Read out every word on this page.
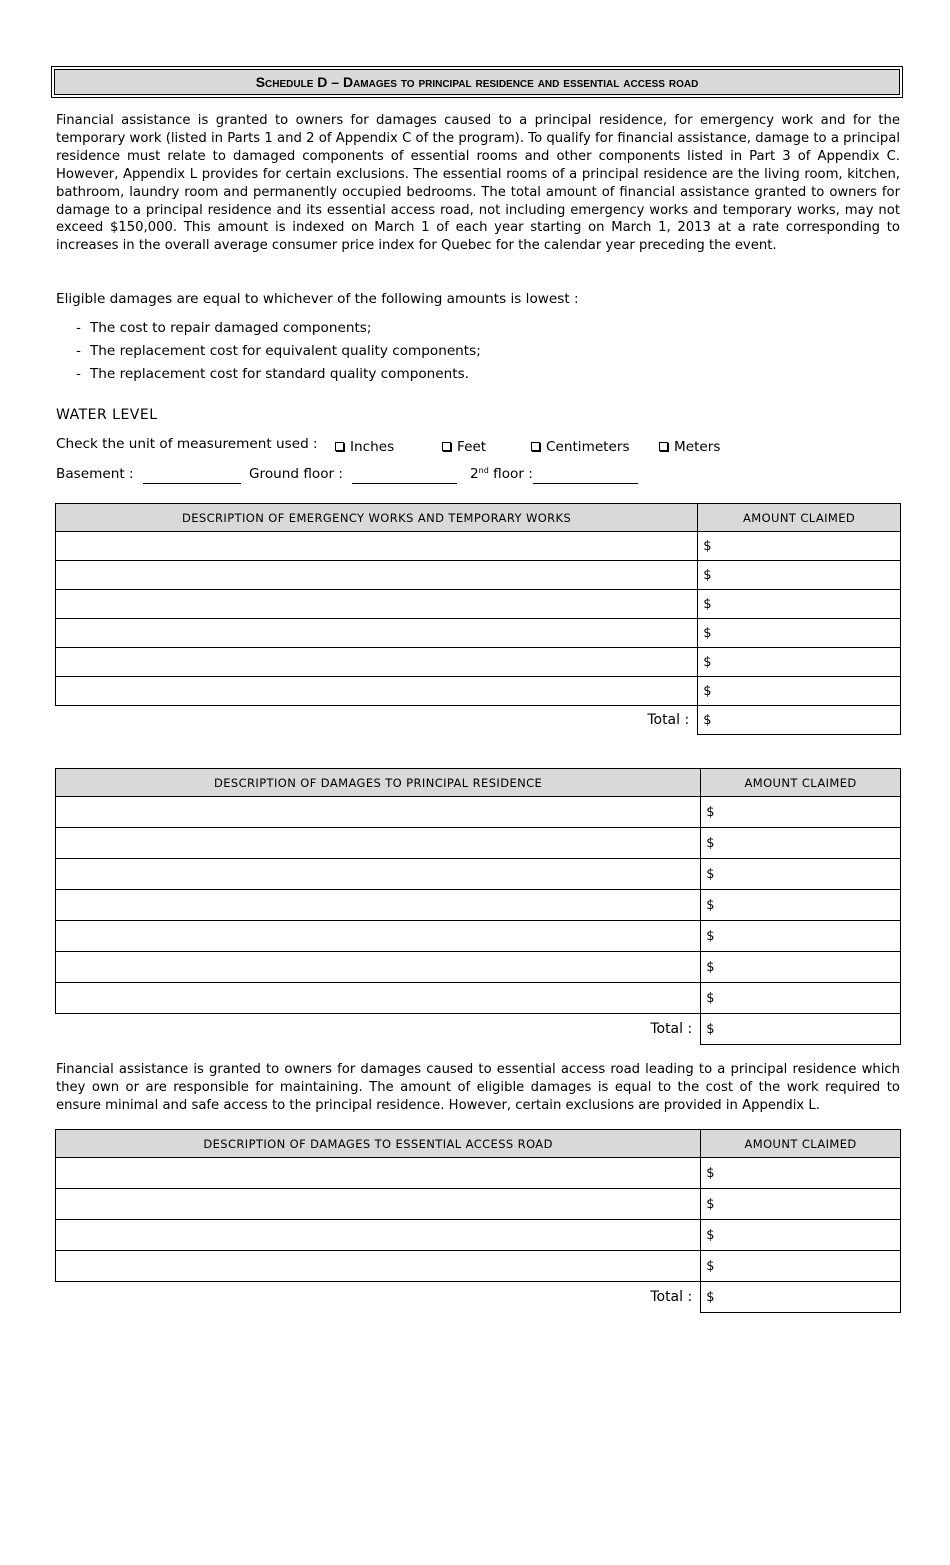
Schedule D – Damages to principal residence and essential access road

Financial assistance is granted to owners for damages caused to a principal residence, for emergency work and for the temporary work (listed in Parts 1 and 2 of Appendix C of the program). To qualify for financial assistance, damage to a principal residence must relate to damaged components of essential rooms and other components listed in Part 3 of Appendix C. However, Appendix L provides for certain exclusions. The essential rooms of a principal residence are the living room, kitchen, bathroom, laundry room and permanently occupied bedrooms. The total amount of financial assistance granted to owners for damage to a principal residence and its essential access road, not including emergency works and temporary works, may not exceed $150,000. This amount is indexed on March 1 of each year starting on March 1, 2013 at a rate corresponding to increases in the overall average consumer price index for Quebec for the calendar year preceding the event.

Eligible damages are equal to whichever of the following amounts is lowest :
- The cost to repair damaged components;
- The replacement cost for equivalent quality components;
- The replacement cost for standard quality components.
WATER LEVEL
Check the unit of measurement used :	Inches	Feet	Centimeters	Meters
Basement :	Ground floor :	2nd floor :
DESCRIPTION OF EMERGENCY WORKS AND TEMPORARY WORKS	AMOUNT CLAIMED
	$
	$
	$
	$
	$
	$
Total :	$
DESCRIPTION OF DAMAGES TO PRINCIPAL RESIDENCE	AMOUNT CLAIMED
	$
	$
	$
	$
	$
	$
	$
Total :	$

Financial assistance is granted to owners for damages caused to essential access road leading to a principal residence which they own or are responsible for maintaining. The amount of eligible damages is equal to the cost of the work required to ensure minimal and safe access to the principal residence. However, certain exclusions are provided in Appendix L.

DESCRIPTION OF DAMAGES TO ESSENTIAL ACCESS ROAD	AMOUNT CLAIMED
	$
	$
	$
	$
Total :	$
